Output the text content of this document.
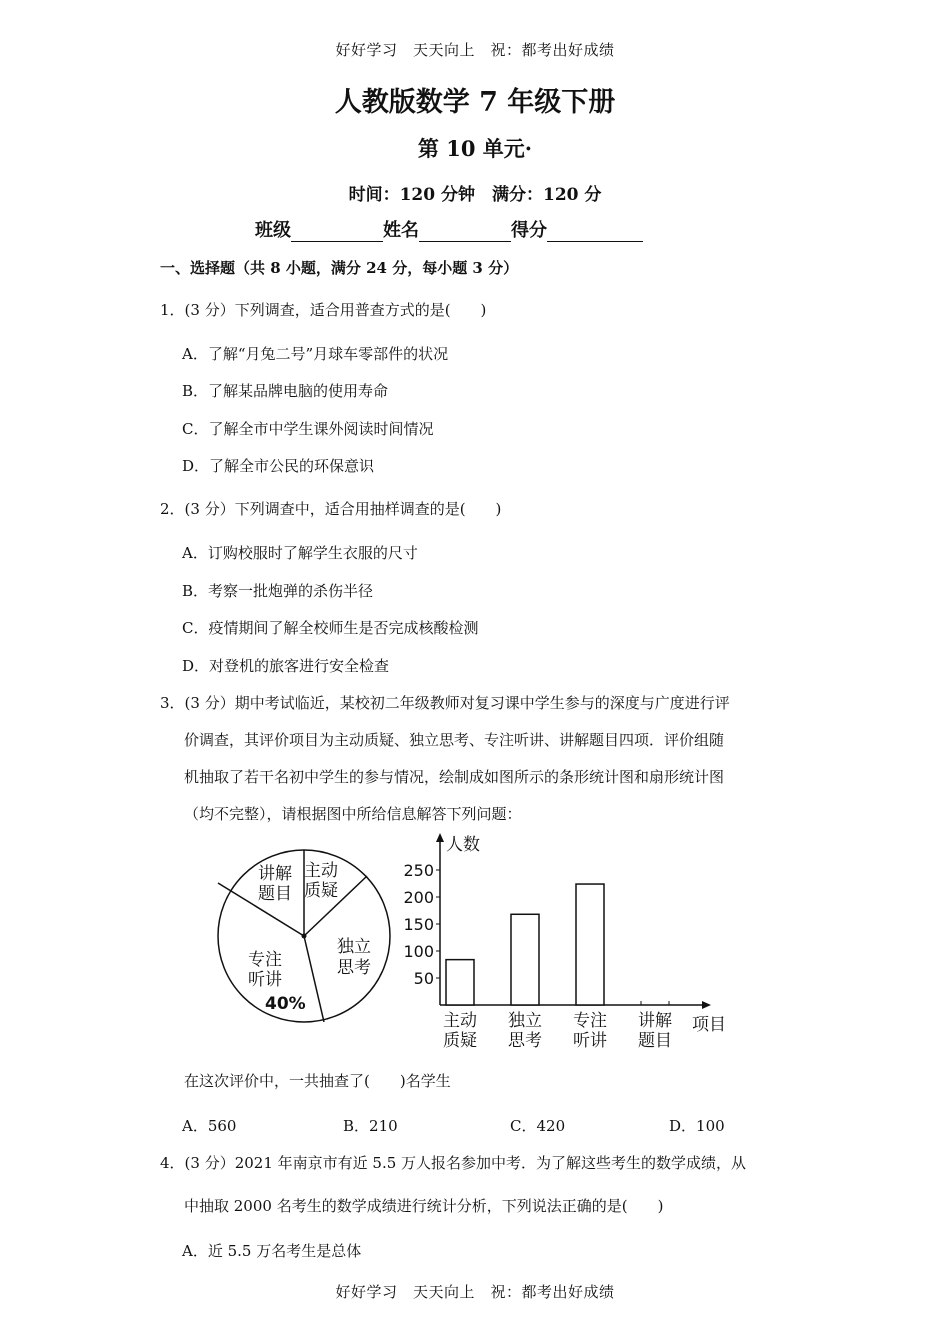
好好学习　天天向上　祝：都考出好成绩
人教版数学 7 年级下册
第 10 单元·
时间：120 分钟　满分：120 分
班级	姓名	得分
一、选择题（共 8 小题，满分 24 分，每小题 3 分）
1．(3 分）下列调查，适合用普查方式的是(　　)
A．了解“月兔二号”月球车零部件的状况
B．了解某品牌电脑的使用寿命
C．了解全市中学生课外阅读时间情况
D．了解全市公民的环保意识
2．(3 分）下列调查中，适合用抽样调查的是(　　)
A．订购校服时了解学生衣服的尺寸
B．考察一批炮弹的杀伤半径
C．疫情期间了解全校师生是否完成核酸检测
D．对登机的旅客进行安全检查
3．(3 分）期中考试临近，某校初二年级教师对复习课中学生参与的深度与广度进行评
价调查，其评价项目为主动质疑、独立思考、专注听讲、讲解题目四项．评价组随
机抽取了若干名初中学生的参与情况，绘制成如图所示的条形统计图和扇形统计图
（均不完整），请根据图中所给信息解答下列问题：
讲解
题目
主动
质疑
独立
思考
专注
听讲
40%
人数
项目
50
100
150
200
250
主动
质疑
独立
思考
专注
听讲
讲解
题目
在这次评价中，一共抽查了(　　)名学生
A．560	B．210	C．420	D．100
4．(3 分）2021 年南京市有近 5.5 万人报名参加中考．为了解这些考生的数学成绩，从
中抽取 2000 名考生的数学成绩进行统计分析，下列说法正确的是(　　)
A．近 5.5 万名考生是总体
好好学习　天天向上　祝：都考出好成绩
